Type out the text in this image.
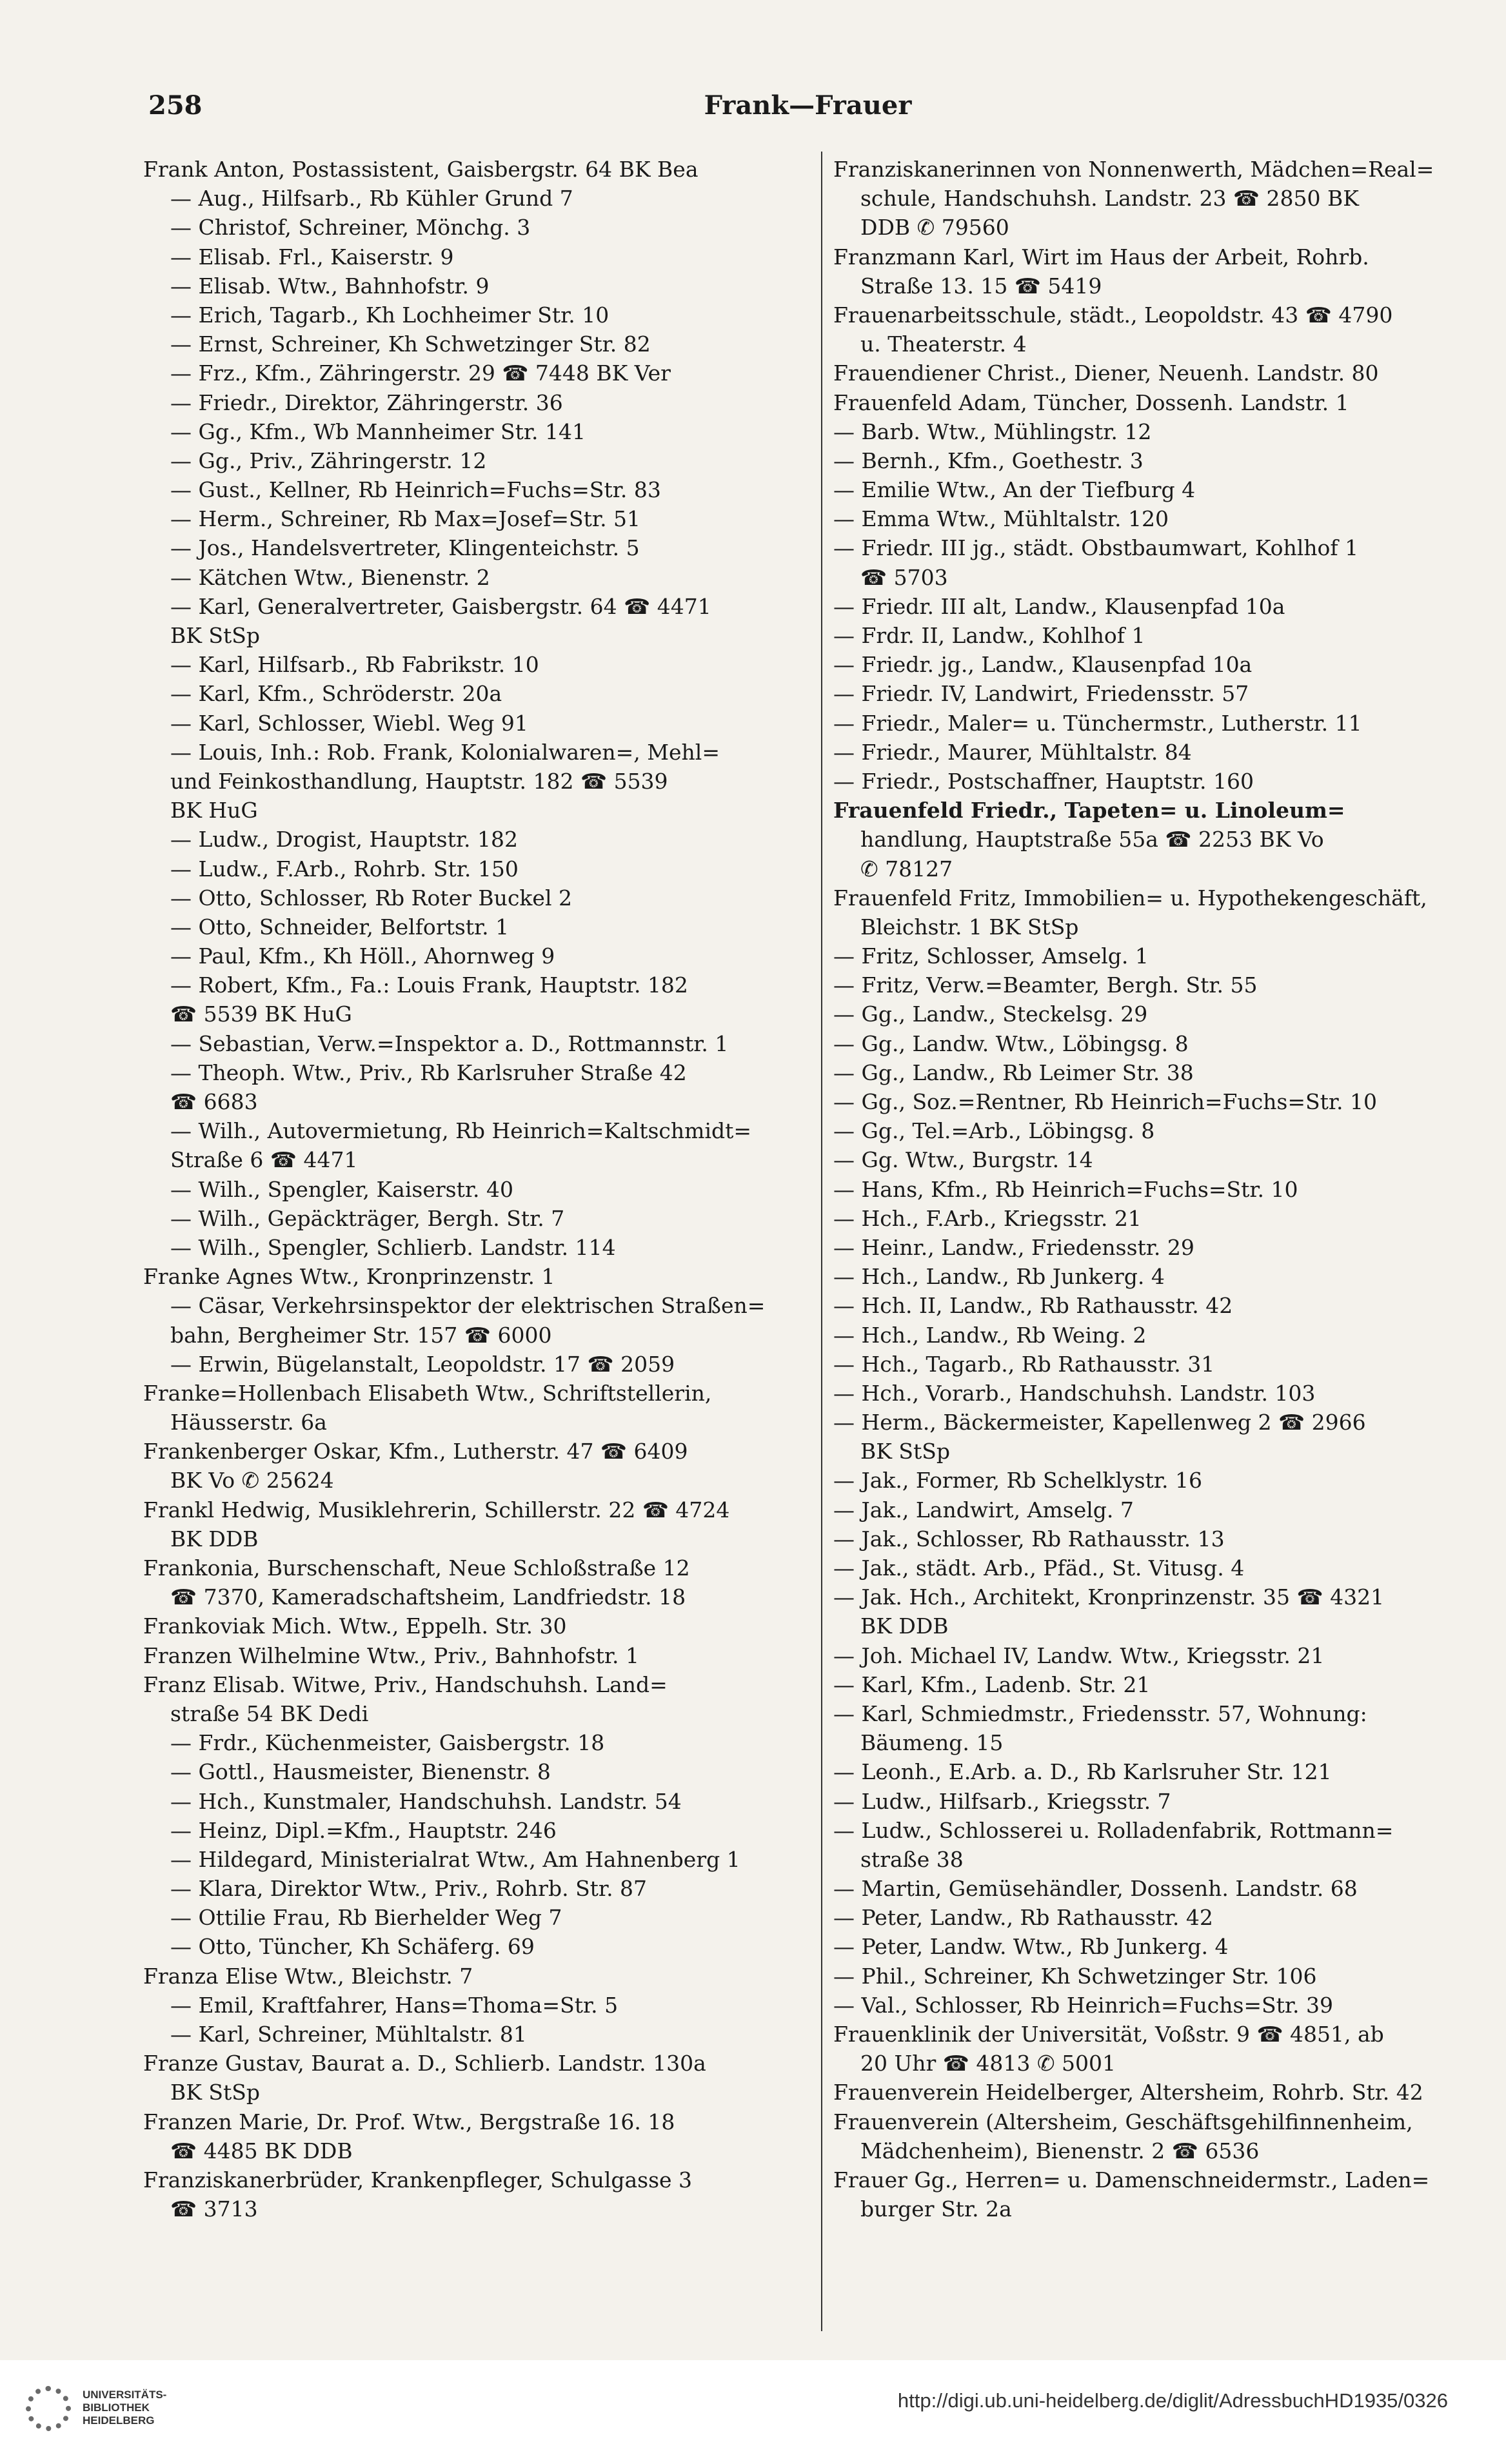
258	Frank—Frauer
Frank Anton, Postassistent, Gaisbergstr. 64 BK Bea
— Aug., Hilfsarb., Rb Kühler Grund 7
— Christof, Schreiner, Mönchg. 3
— Elisab. Frl., Kaiserstr. 9
— Elisab. Wtw., Bahnhofstr. 9
— Erich, Tagarb., Kh Lochheimer Str. 10
— Ernst, Schreiner, Kh Schwetzinger Str. 82
— Frz., Kfm., Zähringerstr. 29 ☎ 7448 BK Ver
— Friedr., Direktor, Zähringerstr. 36
— Gg., Kfm., Wb Mannheimer Str. 141
— Gg., Priv., Zähringerstr. 12
— Gust., Kellner, Rb Heinrich=Fuchs=Str. 83
— Herm., Schreiner, Rb Max=Josef=Str. 51
— Jos., Handelsvertreter, Klingenteichstr. 5
— Kätchen Wtw., Bienenstr. 2
— Karl, Generalvertreter, Gaisbergstr. 64 ☎ 4471
BK StSp
— Karl, Hilfsarb., Rb Fabrikstr. 10
— Karl, Kfm., Schröderstr. 20a
— Karl, Schlosser, Wiebl. Weg 91
— Louis, Inh.: Rob. Frank, Kolonialwaren=, Mehl=
und Feinkosthandlung, Hauptstr. 182 ☎ 5539
BK HuG
— Ludw., Drogist, Hauptstr. 182
— Ludw., F.Arb., Rohrb. Str. 150
— Otto, Schlosser, Rb Roter Buckel 2
— Otto, Schneider, Belfortstr. 1
— Paul, Kfm., Kh Höll., Ahornweg 9
— Robert, Kfm., Fa.: Louis Frank, Hauptstr. 182
☎ 5539 BK HuG
— Sebastian, Verw.=Inspektor a. D., Rottmannstr. 1
— Theoph. Wtw., Priv., Rb Karlsruher Straße 42
☎ 6683
— Wilh., Autovermietung, Rb Heinrich=Kaltschmidt=
Straße 6 ☎ 4471
— Wilh., Spengler, Kaiserstr. 40
— Wilh., Gepäckträger, Bergh. Str. 7
— Wilh., Spengler, Schlierb. Landstr. 114
Franke Agnes Wtw., Kronprinzenstr. 1
— Cäsar, Verkehrsinspektor der elektrischen Straßen=
bahn, Bergheimer Str. 157 ☎ 6000
— Erwin, Bügelanstalt, Leopoldstr. 17 ☎ 2059
Franke=Hollenbach Elisabeth Wtw., Schriftstellerin,
Häusserstr. 6a
Frankenberger Oskar, Kfm., Lutherstr. 47 ☎ 6409
BK Vo ✆ 25624
Frankl Hedwig, Musiklehrerin, Schillerstr. 22 ☎ 4724
BK DDB
Frankonia, Burschenschaft, Neue Schloßstraße 12
☎ 7370, Kameradschaftsheim, Landfriedstr. 18
Frankoviak Mich. Wtw., Eppelh. Str. 30
Franzen Wilhelmine Wtw., Priv., Bahnhofstr. 1
Franz Elisab. Witwe, Priv., Handschuhsh. Land=
straße 54 BK Dedi
— Frdr., Küchenmeister, Gaisbergstr. 18
— Gottl., Hausmeister, Bienenstr. 8
— Hch., Kunstmaler, Handschuhsh. Landstr. 54
— Heinz, Dipl.=Kfm., Hauptstr. 246
— Hildegard, Ministerialrat Wtw., Am Hahnenberg 1
— Klara, Direktor Wtw., Priv., Rohrb. Str. 87
— Ottilie Frau, Rb Bierhelder Weg 7
— Otto, Tüncher, Kh Schäferg. 69
Franza Elise Wtw., Bleichstr. 7
— Emil, Kraftfahrer, Hans=Thoma=Str. 5
— Karl, Schreiner, Mühltalstr. 81
Franze Gustav, Baurat a. D., Schlierb. Landstr. 130a
BK StSp
Franzen Marie, Dr. Prof. Wtw., Bergstraße 16. 18
☎ 4485 BK DDB
Franziskanerbrüder, Krankenpfleger, Schulgasse 3
☎ 3713
Franziskanerinnen von Nonnenwerth, Mädchen=Real=
schule, Handschuhsh. Landstr. 23 ☎ 2850 BK
DDB ✆ 79560
Franzmann Karl, Wirt im Haus der Arbeit, Rohrb.
Straße 13. 15 ☎ 5419
Frauenarbeitsschule, städt., Leopoldstr. 43 ☎ 4790
u. Theaterstr. 4
Frauendiener Christ., Diener, Neuenh. Landstr. 80
Frauenfeld Adam, Tüncher, Dossenh. Landstr. 1
— Barb. Wtw., Mühlingstr. 12
— Bernh., Kfm., Goethestr. 3
— Emilie Wtw., An der Tiefburg 4
— Emma Wtw., Mühltalstr. 120
— Friedr. III jg., städt. Obstbaumwart, Kohlhof 1
☎ 5703
— Friedr. III alt, Landw., Klausenpfad 10a
— Frdr. II, Landw., Kohlhof 1
— Friedr. jg., Landw., Klausenpfad 10a
— Friedr. IV, Landwirt, Friedensstr. 57
— Friedr., Maler= u. Tünchermstr., Lutherstr. 11
— Friedr., Maurer, Mühltalstr. 84
— Friedr., Postschaffner, Hauptstr. 160
Frauenfeld Friedr., Tapeten= u. Linoleum=
handlung, Hauptstraße 55a ☎ 2253 BK Vo
✆ 78127
Frauenfeld Fritz, Immobilien= u. Hypothekengeschäft,
Bleichstr. 1 BK StSp
— Fritz, Schlosser, Amselg. 1
— Fritz, Verw.=Beamter, Bergh. Str. 55
— Gg., Landw., Steckelsg. 29
— Gg., Landw. Wtw., Löbingsg. 8
— Gg., Landw., Rb Leimer Str. 38
— Gg., Soz.=Rentner, Rb Heinrich=Fuchs=Str. 10
— Gg., Tel.=Arb., Löbingsg. 8
— Gg. Wtw., Burgstr. 14
— Hans, Kfm., Rb Heinrich=Fuchs=Str. 10
— Hch., F.Arb., Kriegsstr. 21
— Heinr., Landw., Friedensstr. 29
— Hch., Landw., Rb Junkerg. 4
— Hch. II, Landw., Rb Rathausstr. 42
— Hch., Landw., Rb Weing. 2
— Hch., Tagarb., Rb Rathausstr. 31
— Hch., Vorarb., Handschuhsh. Landstr. 103
— Herm., Bäckermeister, Kapellenweg 2 ☎ 2966
BK StSp
— Jak., Former, Rb Schelklystr. 16
— Jak., Landwirt, Amselg. 7
— Jak., Schlosser, Rb Rathausstr. 13
— Jak., städt. Arb., Pfäd., St. Vitusg. 4
— Jak. Hch., Architekt, Kronprinzenstr. 35 ☎ 4321
BK DDB
— Joh. Michael IV, Landw. Wtw., Kriegsstr. 21
— Karl, Kfm., Ladenb. Str. 21
— Karl, Schmiedmstr., Friedensstr. 57, Wohnung:
Bäumeng. 15
— Leonh., E.Arb. a. D., Rb Karlsruher Str. 121
— Ludw., Hilfsarb., Kriegsstr. 7
— Ludw., Schlosserei u. Rolladenfabrik, Rottmann=
straße 38
— Martin, Gemüsehändler, Dossenh. Landstr. 68
— Peter, Landw., Rb Rathausstr. 42
— Peter, Landw. Wtw., Rb Junkerg. 4
— Phil., Schreiner, Kh Schwetzinger Str. 106
— Val., Schlosser, Rb Heinrich=Fuchs=Str. 39
Frauenklinik der Universität, Voßstr. 9 ☎ 4851, ab
20 Uhr ☎ 4813 ✆ 5001
Frauenverein Heidelberger, Altersheim, Rohrb. Str. 42
Frauenverein (Altersheim, Geschäftsgehilfinnenheim,
Mädchenheim), Bienenstr. 2 ☎ 6536
Frauer Gg., Herren= u. Damenschneidermstr., Laden=
burger Str. 2a
UNIVERSITÄTS-
BIBLIOTHEK
HEIDELBERG
http://digi.ub.uni-heidelberg.de/diglit/AdressbuchHD1935/0326
